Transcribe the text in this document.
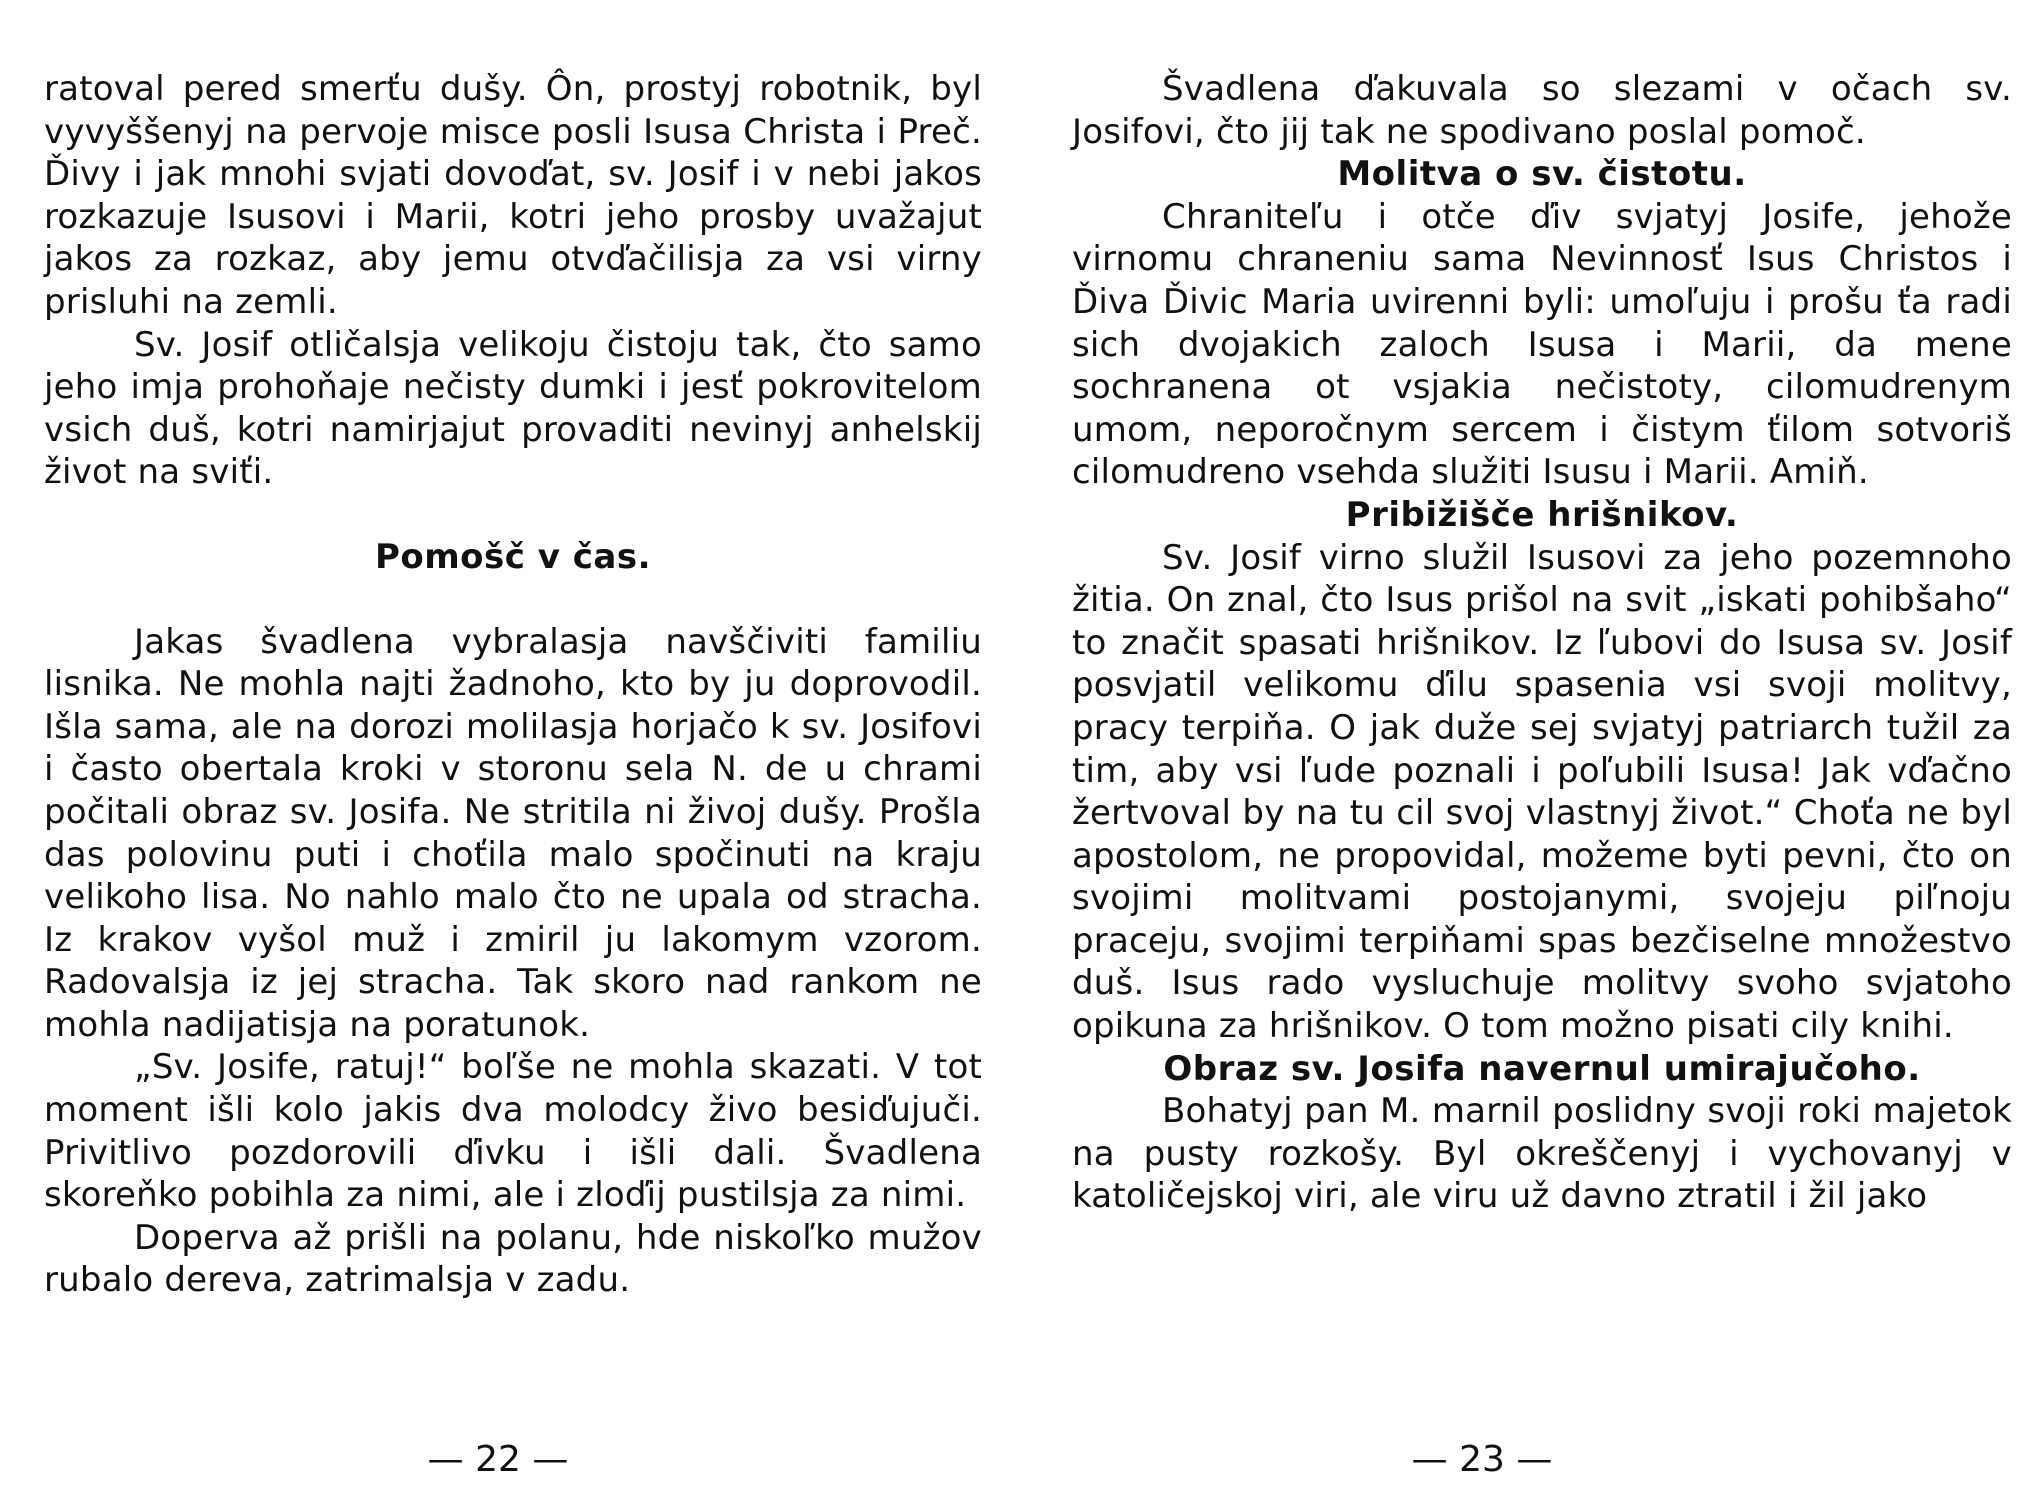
ratoval pered smerťu dušy. Ôn, prostyj robotnik, byl vyvyššenyj na pervoje misce posli Isusa Christa i Preč. Ďivy i jak mnohi svjati dovoďat, sv. Josif i v nebi jakos rozkazuje Isusovi i Marii, kotri jeho prosby uvažajut jakos za rozkaz, aby jemu otvďačilisja za vsi virny prisluhi na zemli.

Sv. Josif otličalsja velikoju čistoju tak, čto samo jeho imja prohoňaje nečisty dumki i jesť pokrovitelom vsich duš, kotri namirjajut provaditi nevinyj anhelskij život na sviťi.

Pomošč v čas.

Jakas švadlena vybralasja navščiviti familiu lisnika. Ne mohla najti žadnoho, kto by ju doprovodil. Išla sama, ale na dorozi molilasja horjačo k sv. Josifovi i často obertala kroki v storonu sela N. de u chrami počitali obraz sv. Josifa. Ne stritila ni živoj dušy. Prošla das polovinu puti i choťila malo spočinuti na kraju velikoho lisa. No nahlo malo čto ne upala od stracha. Iz krakov vyšol muž i zmiril ju lakomym vzorom. Radovalsja iz jej stracha. Tak skoro nad rankom ne mohla nadijatisja na poratunok.

„Sv. Josife, ratuj!“ boľše ne mohla skazati. V tot moment išli kolo jakis dva molodcy živo besiďujuči. Privitlivo pozdorovili ďivku i išli dali. Švadlena skoreňko pobihla za nimi, ale i zloďij pustilsja za nimi.

Doperva až prišli na polanu, hde niskoľko mužov rubalo dereva, zatrimalsja v zadu.

— 22 —

Švadlena ďakuvala so slezami v očach sv. Josifovi, čto jij tak ne spodivano poslal pomoč.

Molitva o sv. čistotu.

Chraniteľu i otče ďiv svjatyj Josife, jehože virnomu chraneniu sama Nevinnosť Isus Christos i Ďiva Ďivic Maria uvirenni byli: umoľuju i prošu ťa radi sich dvojakich zaloch Isusa i Marii, da mene sochranena ot vsjakia nečistoty, cilomudrenym umom, neporočnym sercem i čistym ťilom sotvoriš cilomudreno vsehda služiti Isusu i Marii. Amiň.

Pribižišče hrišnikov.

Sv. Josif virno služil Isusovi za jeho pozemnoho žitia. On znal, čto Isus prišol na svit „iskati pohibšaho“ to značit spasati hrišnikov. Iz ľubovi do Isusa sv. Josif posvjatil velikomu ďilu spasenia vsi svoji molitvy, pracy terpiňa. O jak duže sej svjatyj patriarch tužil za tim, aby vsi ľude poznali i poľubili Isusa! Jak vďačno žertvoval by na tu cil svoj vlastnyj život.“ Choťa ne byl apostolom, ne propovidal, možeme byti pevni, čto on svojimi molitvami postojanymi, svojeju piľnoju praceju, svojimi terpiňami spas bezčiselne množestvo duš. Isus rado vysluchuje molitvy svoho svjatoho opikuna za hrišnikov. O tom možno pisati cily knihi.

Obraz sv. Josifa navernul umirajučoho.

Bohatyj pan M. marnil poslidny svoji roki majetok na pusty rozkošy. Byl okreščenyj i vychovanyj v katoličejskoj viri, ale viru už davno ztratil i žil jako

— 23 —
